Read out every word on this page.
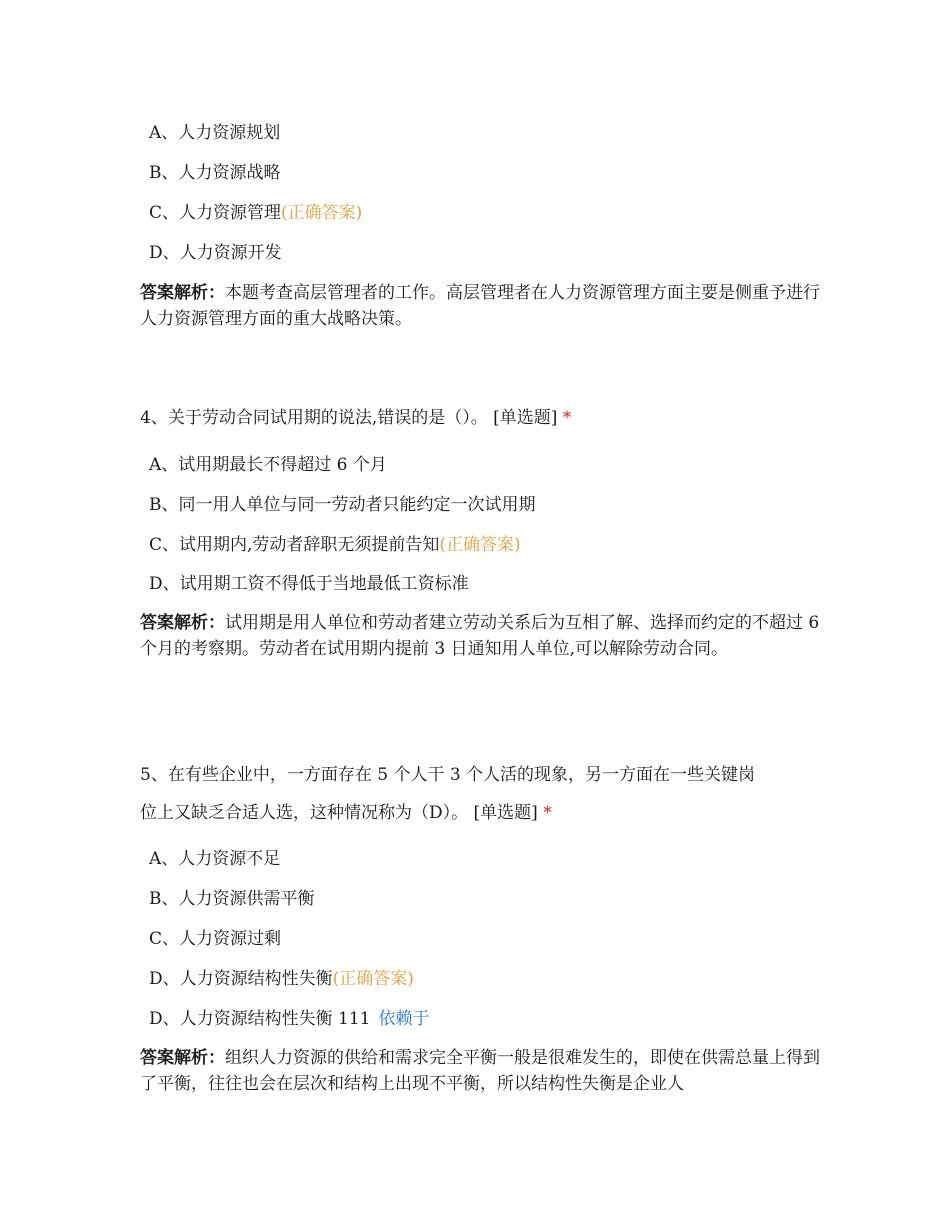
A、人力资源规划
B、人力资源战略
C、人力资源管理(正确答案)
D、人力资源开发
答案解析：本题考查高层管理者的工作。高层管理者在人力资源管理方面主要是侧重予进行人力资源管理方面的重大战略决策。
4、关于劳动合同试用期的说法,错误的是（）。 [单选题] *
A、试用期最长不得超过 6 个月
B、同一用人单位与同一劳动者只能约定一次试用期
C、试用期内,劳动者辞职无须提前告知(正确答案)
D、试用期工资不得低于当地最低工资标准
答案解析：试用期是用人单位和劳动者建立劳动关系后为互相了解、选择而约定的不超过 6 个月的考察期。劳动者在试用期内提前 3 日通知用人单位,可以解除劳动合同。
5、在有些企业中，一方面存在 5 个人干 3 个人活的现象，另一方面在一些关键岗
位上又缺乏合适人选，这种情况称为（D）。 [单选题] *
A、人力资源不足
B、人力资源供需平衡
C、人力资源过剩
D、人力资源结构性失衡(正确答案)
D、人力资源结构性失衡 111 依赖于
答案解析：组织人力资源的供给和需求完全平衡一般是很难发生的，即使在供需总量上得到了平衡，往往也会在层次和结构上出现不平衡，所以结构性失衡是企业人
